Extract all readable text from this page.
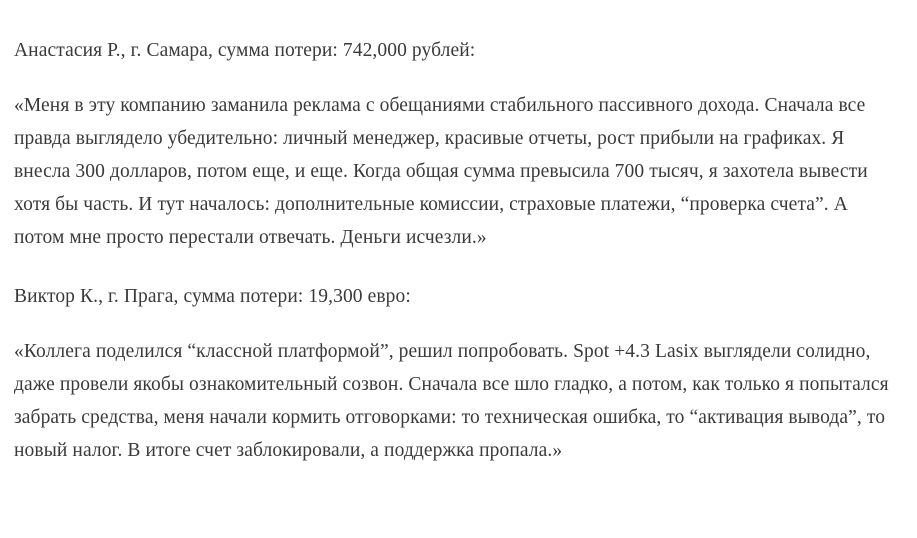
Анастасия Р., г. Самара, сумма потери: 742,000 рублей:

«Меня в эту компанию заманила реклама с обещаниями стабильного пассивного дохода. Сначала все правда выглядело убедительно: личный менеджер, красивые отчеты, рост прибыли на графиках. Я внесла 300 долларов, потом еще, и еще. Когда общая сумма превысила 700 тысяч, я захотела вывести хотя бы часть. И тут началось: дополнительные комиссии, страховые платежи, “проверка счета”. А потом мне просто перестали отвечать. Деньги исчезли.»

Виктор К., г. Прага, сумма потери: 19,300 евро:

«Коллега поделился “классной платформой”, решил попробовать. Spot +4.3 Lasix выглядели солидно, даже провели якобы ознакомительный созвон. Сначала все шло гладко, а потом, как только я попытался забрать средства, меня начали кормить отговорками: то техническая ошибка, то “активация вывода”, то новый налог. В итоге счет заблокировали, а поддержка пропала.»
